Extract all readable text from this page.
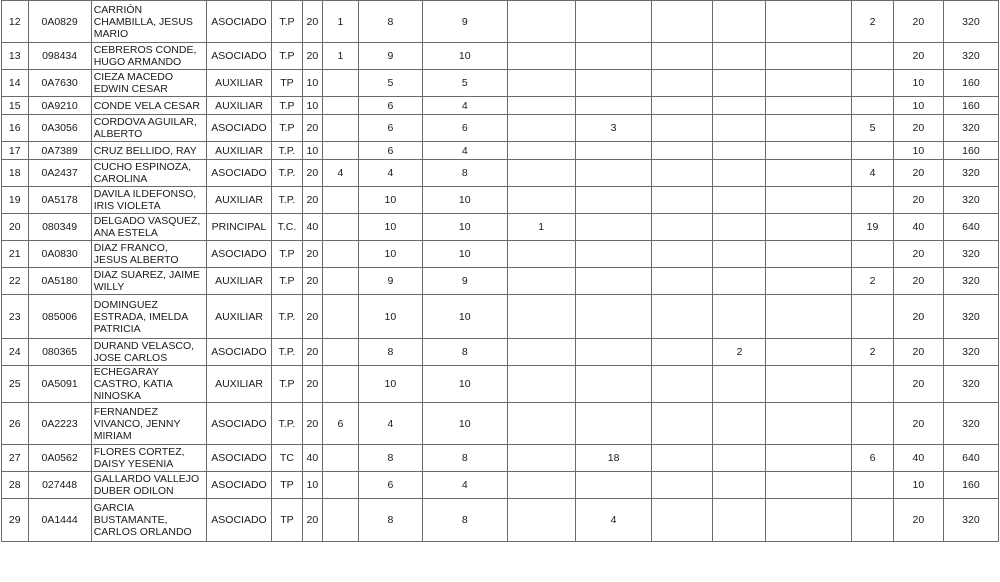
12	0A0829	CARRIÓN CHAMBILLA, JESUS MARIO	ASOCIADO	T.P	20	1	8	9						2	20	320
13	098434	CEBREROS CONDE, HUGO ARMANDO	ASOCIADO	T.P	20	1	9	10							20	320
14	0A7630	CIEZA MACEDO EDWIN CESAR	AUXILIAR	TP	10		5	5							10	160
15	0A9210	CONDE VELA CESAR	AUXILIAR	T.P	10		6	4							10	160
16	0A3056	CORDOVA AGUILAR, ALBERTO	ASOCIADO	T.P	20		6	6		3				5	20	320
17	0A7389	CRUZ BELLIDO, RAY	AUXILIAR	T.P.	10		6	4							10	160
18	0A2437	CUCHO ESPINOZA, CAROLINA	ASOCIADO	T.P.	20	4	4	8						4	20	320
19	0A5178	DAVILA ILDEFONSO, IRIS VIOLETA	AUXILIAR	T.P.	20		10	10							20	320
20	080349	DELGADO VASQUEZ, ANA ESTELA	PRINCIPAL	T.C.	40		10	10	1					19	40	640
21	0A0830	DIAZ FRANCO, JESUS ALBERTO	ASOCIADO	T.P	20		10	10							20	320
22	0A5180	DIAZ SUAREZ, JAIME WILLY	AUXILIAR	T.P	20		9	9						2	20	320
23	085006	DOMINGUEZ ESTRADA, IMELDA PATRICIA	AUXILIAR	T.P.	20		10	10							20	320
24	080365	DURAND VELASCO, JOSE CARLOS	ASOCIADO	T.P.	20		8	8				2		2	20	320
25	0A5091	ECHEGARAY CASTRO, KATIA NINOSKA	AUXILIAR	T.P	20		10	10							20	320
26	0A2223	FERNANDEZ VIVANCO, JENNY MIRIAM	ASOCIADO	T.P.	20	6	4	10							20	320
27	0A0562	FLORES CORTEZ, DAISY YESENIA	ASOCIADO	TC	40		8	8		18				6	40	640
28	027448	GALLARDO VALLEJO DUBER ODILON	ASOCIADO	TP	10		6	4							10	160
29	0A1444	GARCIA BUSTAMANTE, CARLOS ORLANDO	ASOCIADO	TP	20		8	8		4					20	320
